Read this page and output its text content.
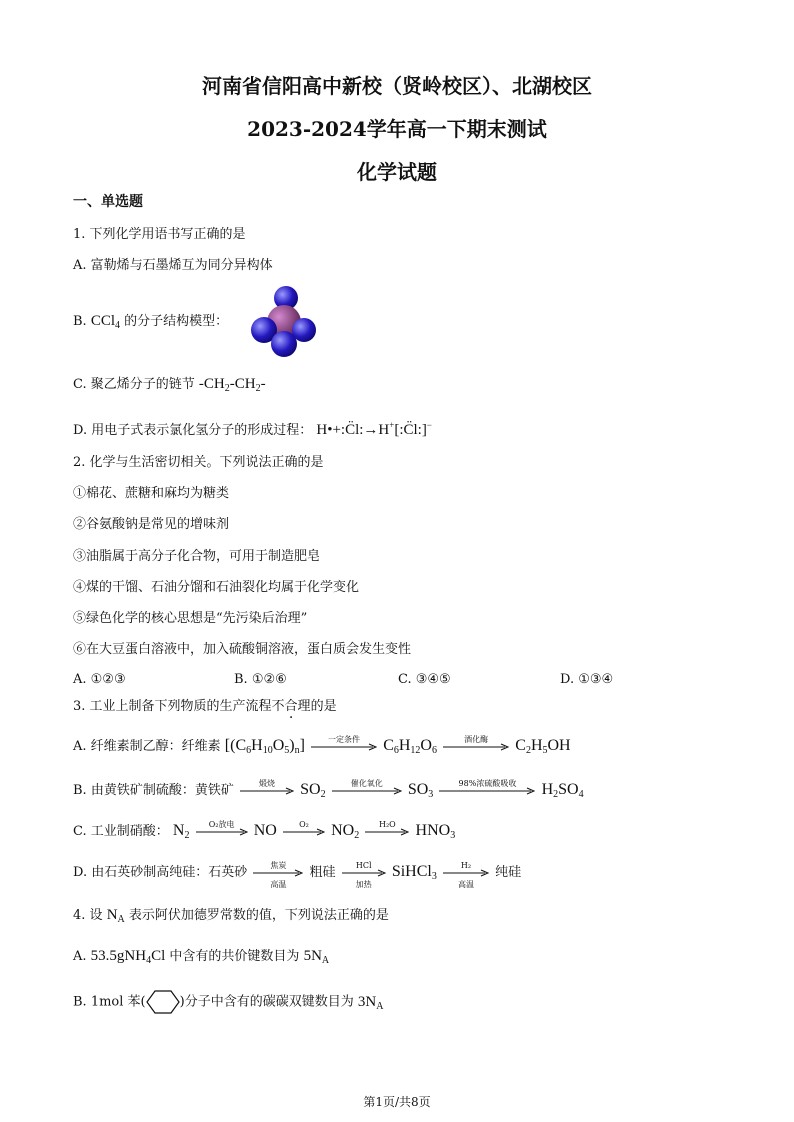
河南省信阳高中新校（贤岭校区）、北湖校区
2023-2024学年高一下期末测试
化学试题
一、单选题
1. 下列化学用语书写正确的是
A. 富勒烯与石墨烯互为同分异构体
B. CCl$_4$ 的分子结构模型：
C. 聚乙烯分子的链节 $-CH_2-CH_2-$
D. 用电子式表示氯化氢分子的形成过程： H•+:C̈l:→H+[:C̈l:]−
2. 化学与生活密切相关。下列说法正确的是
①棉花、蔗糖和麻均为糖类
②谷氨酸钠是常见的增味剂
③油脂属于高分子化合物，可用于制造肥皂
④煤的干馏、石油分馏和石油裂化均属于化学变化
⑤绿色化学的核心思想是“先污染后治理”
⑥在大豆蛋白溶液中，加入硫酸铜溶液，蛋白质会发生变性
A. ①②③	B. ①②⑥	C. ③④⑤	D. ①③④
3. 工业上制备下列物质的生产流程不合理的是
A. 纤维素制乙醇：纤维素 $[(C_6H_{10}O_5)_n]$	一定条件	$C_6H_{12}O_6$
酒化酶	$C_2H_5OH$
B. 由黄铁矿制硫酸：黄铁矿	煅烧	$SO_2$
催化氧化	$SO_3$
98%浓硫酸吸收	$H_2SO_4$
C. 工业制硝酸： $N_2$
O₂放电	NO	O₂	$NO_2$
H₂O	$HNO_3$
D. 由石英砂制高纯硅：石英砂	焦炭
高温
粗硅	HCl
加热
SiHCl$_3$
H₂
高温
纯硅
4. 设 $N_A$ 表示阿伏加德罗常数的值，下列说法正确的是
A. 53.5gNH$_4$Cl 中含有的共价键数目为 $5N_A$
B. 1mol 苯(	)分子中含有的碳碳双键数目为 $3N_A$
第1页/共8页
